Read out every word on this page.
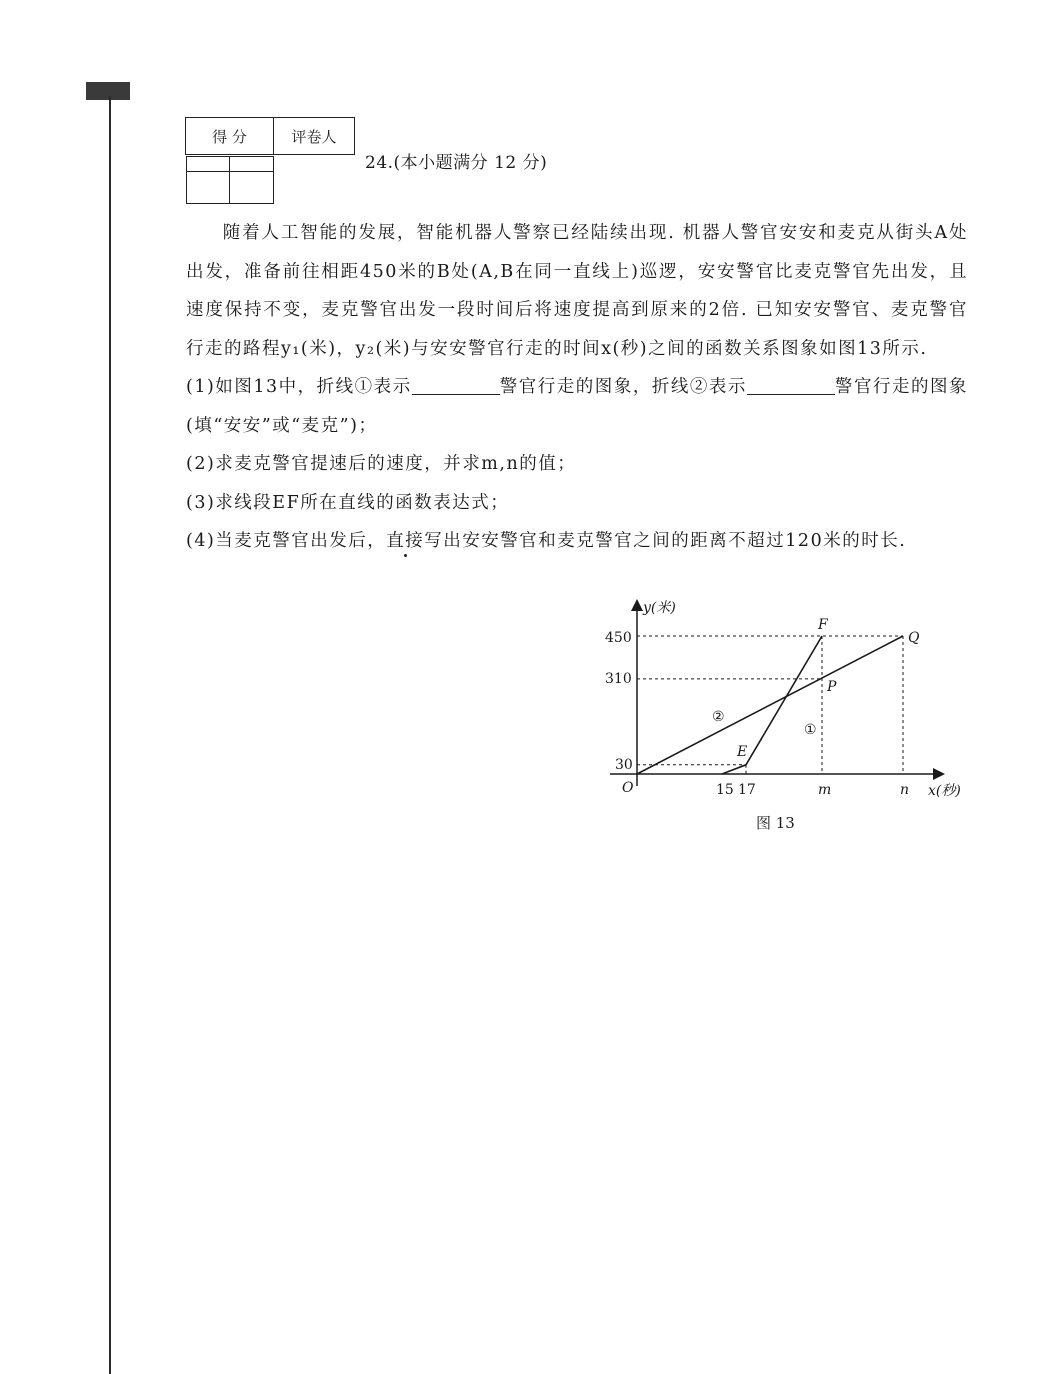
得 分	评卷人

24.(本小题满分 12 分)

随着人工智能的发展，智能机器人警察已经陆续出现. 机器人警官安安和麦克从街头A处出发，准备前往相距450米的B处(A,B在同一直线上)巡逻，安安警官比麦克警官先出发，且速度保持不变，麦克警官出发一段时间后将速度提高到原来的2倍. 已知安安警官、麦克警官行走的路程y₁(米)，y₂(米)与安安警官行走的时间x(秒)之间的函数关系图象如图13所示.

(1)如图13中，折线①表示	警官行走的图象，折线②表示	警官行走的图象(填“安安”或“麦克”)；

(2)求麦克警官提速后的速度，并求m,n的值；

(3)求线段EF所在直线的函数表达式；

(4)当麦克警官出发后，直接写出安安警官和麦克警官之间的距离不超过120米的时长.

y(米)
x(秒)
O
450
310
30
15 17	m	n
F
Q
P
E
②
①
图 13
